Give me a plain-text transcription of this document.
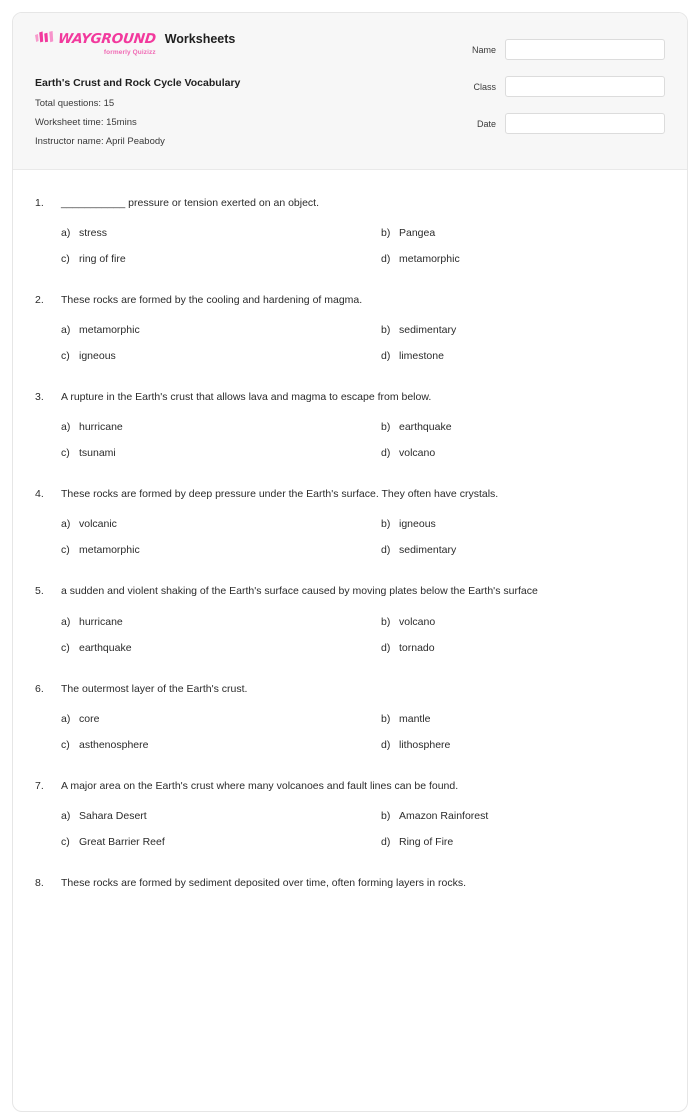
WAYGROUND
formerly Quizizz
Worksheets
Earth's Crust and Rock Cycle Vocabulary
Total questions: 15
Worksheet time: 15mins
Instructor name: April Peabody
Name
Class
Date
1.	___________ pressure or tension exerted on an object.
a) stress	b) Pangea
c) ring of fire	d) metamorphic
2.	These rocks are formed by the cooling and hardening of magma.
a) metamorphic	b) sedimentary
c) igneous	d) limestone
3.	A rupture in the Earth's crust that allows lava and magma to escape from below.
a) hurricane	b) earthquake
c) tsunami	d) volcano
4.	These rocks are formed by deep pressure under the Earth's surface. They often have crystals.
a) volcanic	b) igneous
c) metamorphic	d) sedimentary
5.	a sudden and violent shaking of the Earth's surface caused by moving plates below the Earth's surface
a) hurricane	b) volcano
c) earthquake	d) tornado
6.	The outermost layer of the Earth's crust.
a) core	b) mantle
c) asthenosphere	d) lithosphere
7.	A major area on the Earth's crust where many volcanoes and fault lines can be found.
a) Sahara Desert	b) Amazon Rainforest
c) Great Barrier Reef	d) Ring of Fire
8.	These rocks are formed by sediment deposited over time, often forming layers in rocks.
